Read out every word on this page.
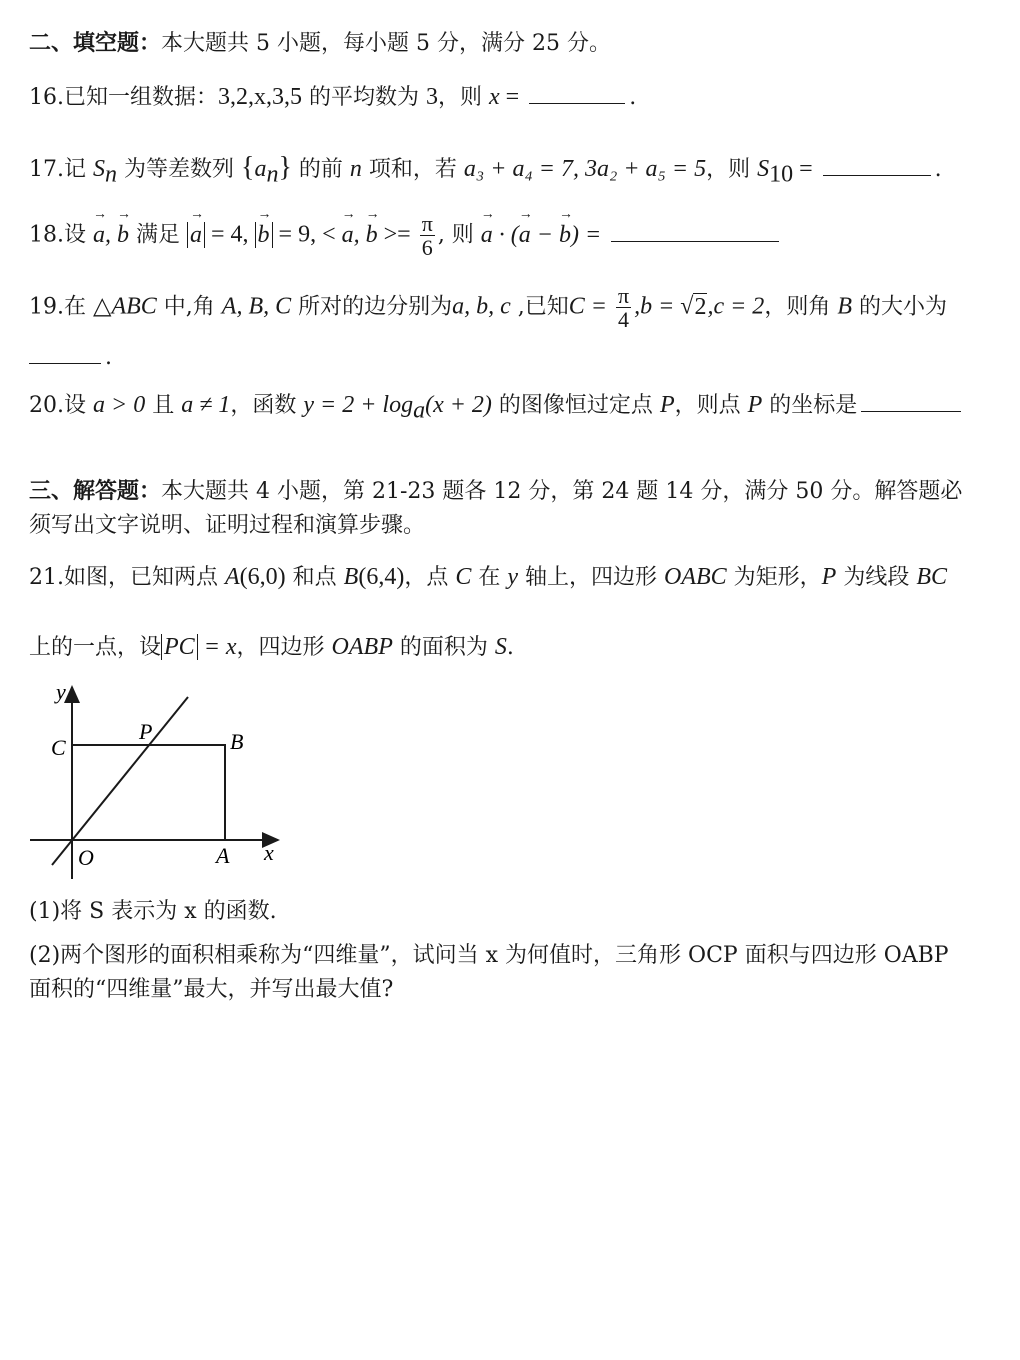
二、填空题：本大题共 5 小题，每小题 5 分，满分 25 分。
16.已知一组数据：3,2,x,3,5 的平均数为 3，则 x =	.
17.记 $S_n$ 为等差数列 $\{a_n\}$ 的前 n 项和，若 a₃ + a₄ = 7, 3a₂ + a₅ = 5，则 $S_{10}$ =	.
18.设 → a, → b 满足 → a = 4, → b = 9, < → a, → $b >= \frac{\pi}{6}$ , 则 → a · (→ a − → b) =
19.在 △ABC 中,角 A, B, C 所对的边分别为a, b, c ,已知$C = \frac{\pi}{4} ,b = √2,c = 2$，则角 B 的大小为
.
20.设 a > 0 且 a ≠ 1，函数 $y = 2 + \log_a(x + 2)$ 的图像恒过定点 P，则点 P 的坐标是
三、解答题：本大题共 4 小题，第 21-23 题各 12 分，第 24 题 14 分，满分 50 分。解答题必
须写出文字说明、证明过程和演算步骤。
21.如图，已知两点 A(6,0) 和点 B(6,4)，点 C 在 y 轴上，四边形 OABC 为矩形，P 为线段 BC
上的一点，设 PC = x，四边形 OABP 的面积为 S.
y
C
P	B
O	A x
(1)将 S 表示为 x 的函数.
(2)两个图形的面积相乘称为“四维量”，试问当 x 为何值时，三角形 OCP 面积与四边形 OABP
面积的“四维量”最大，并写出最大值?
